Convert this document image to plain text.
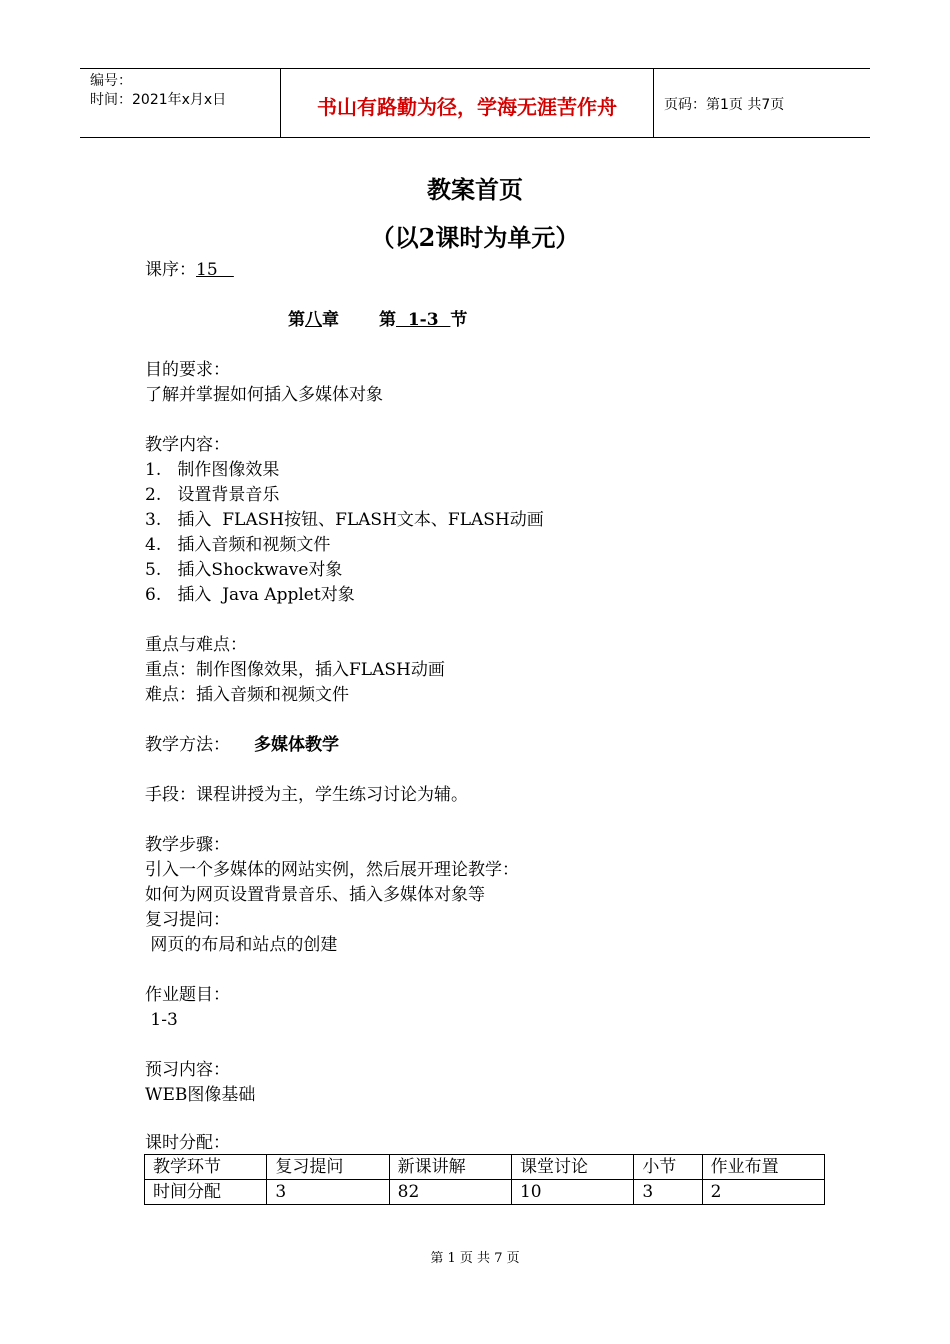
编号：
时间：2021年x月x日	书山有路勤为径，学海无涯苦作舟	页码：第1页 共7页
教案首页
（以2课时为单元）
课序：15
第八章 第  1-3  节
目的要求：
了解并掌握如何插入多媒体对象
教学内容：
1.   制作图像效果
2.   设置背景音乐
3.   插入  FLASH按钮、FLASH文本、FLASH动画
4.   插入音频和视频文件
5.   插入Shockwave对象
6.   插入  Java Applet对象
重点与难点：
重点：制作图像效果，插入FLASH动画
难点：插入音频和视频文件
教学方法： 多媒体教学
手段：课程讲授为主，学生练习讨论为辅。
教学步骤：
引入一个多媒体的网站实例，然后展开理论教学：
如何为网页设置背景音乐、插入多媒体对象等
复习提问：
网页的布局和站点的创建
作业题目：
1-3
预习内容：
WEB图像基础
课时分配：
教学环节	复习提问	新课讲解	课堂讨论	小节	作业布置
时间分配	3	82	10	3	2
第 1 页 共 7 页
